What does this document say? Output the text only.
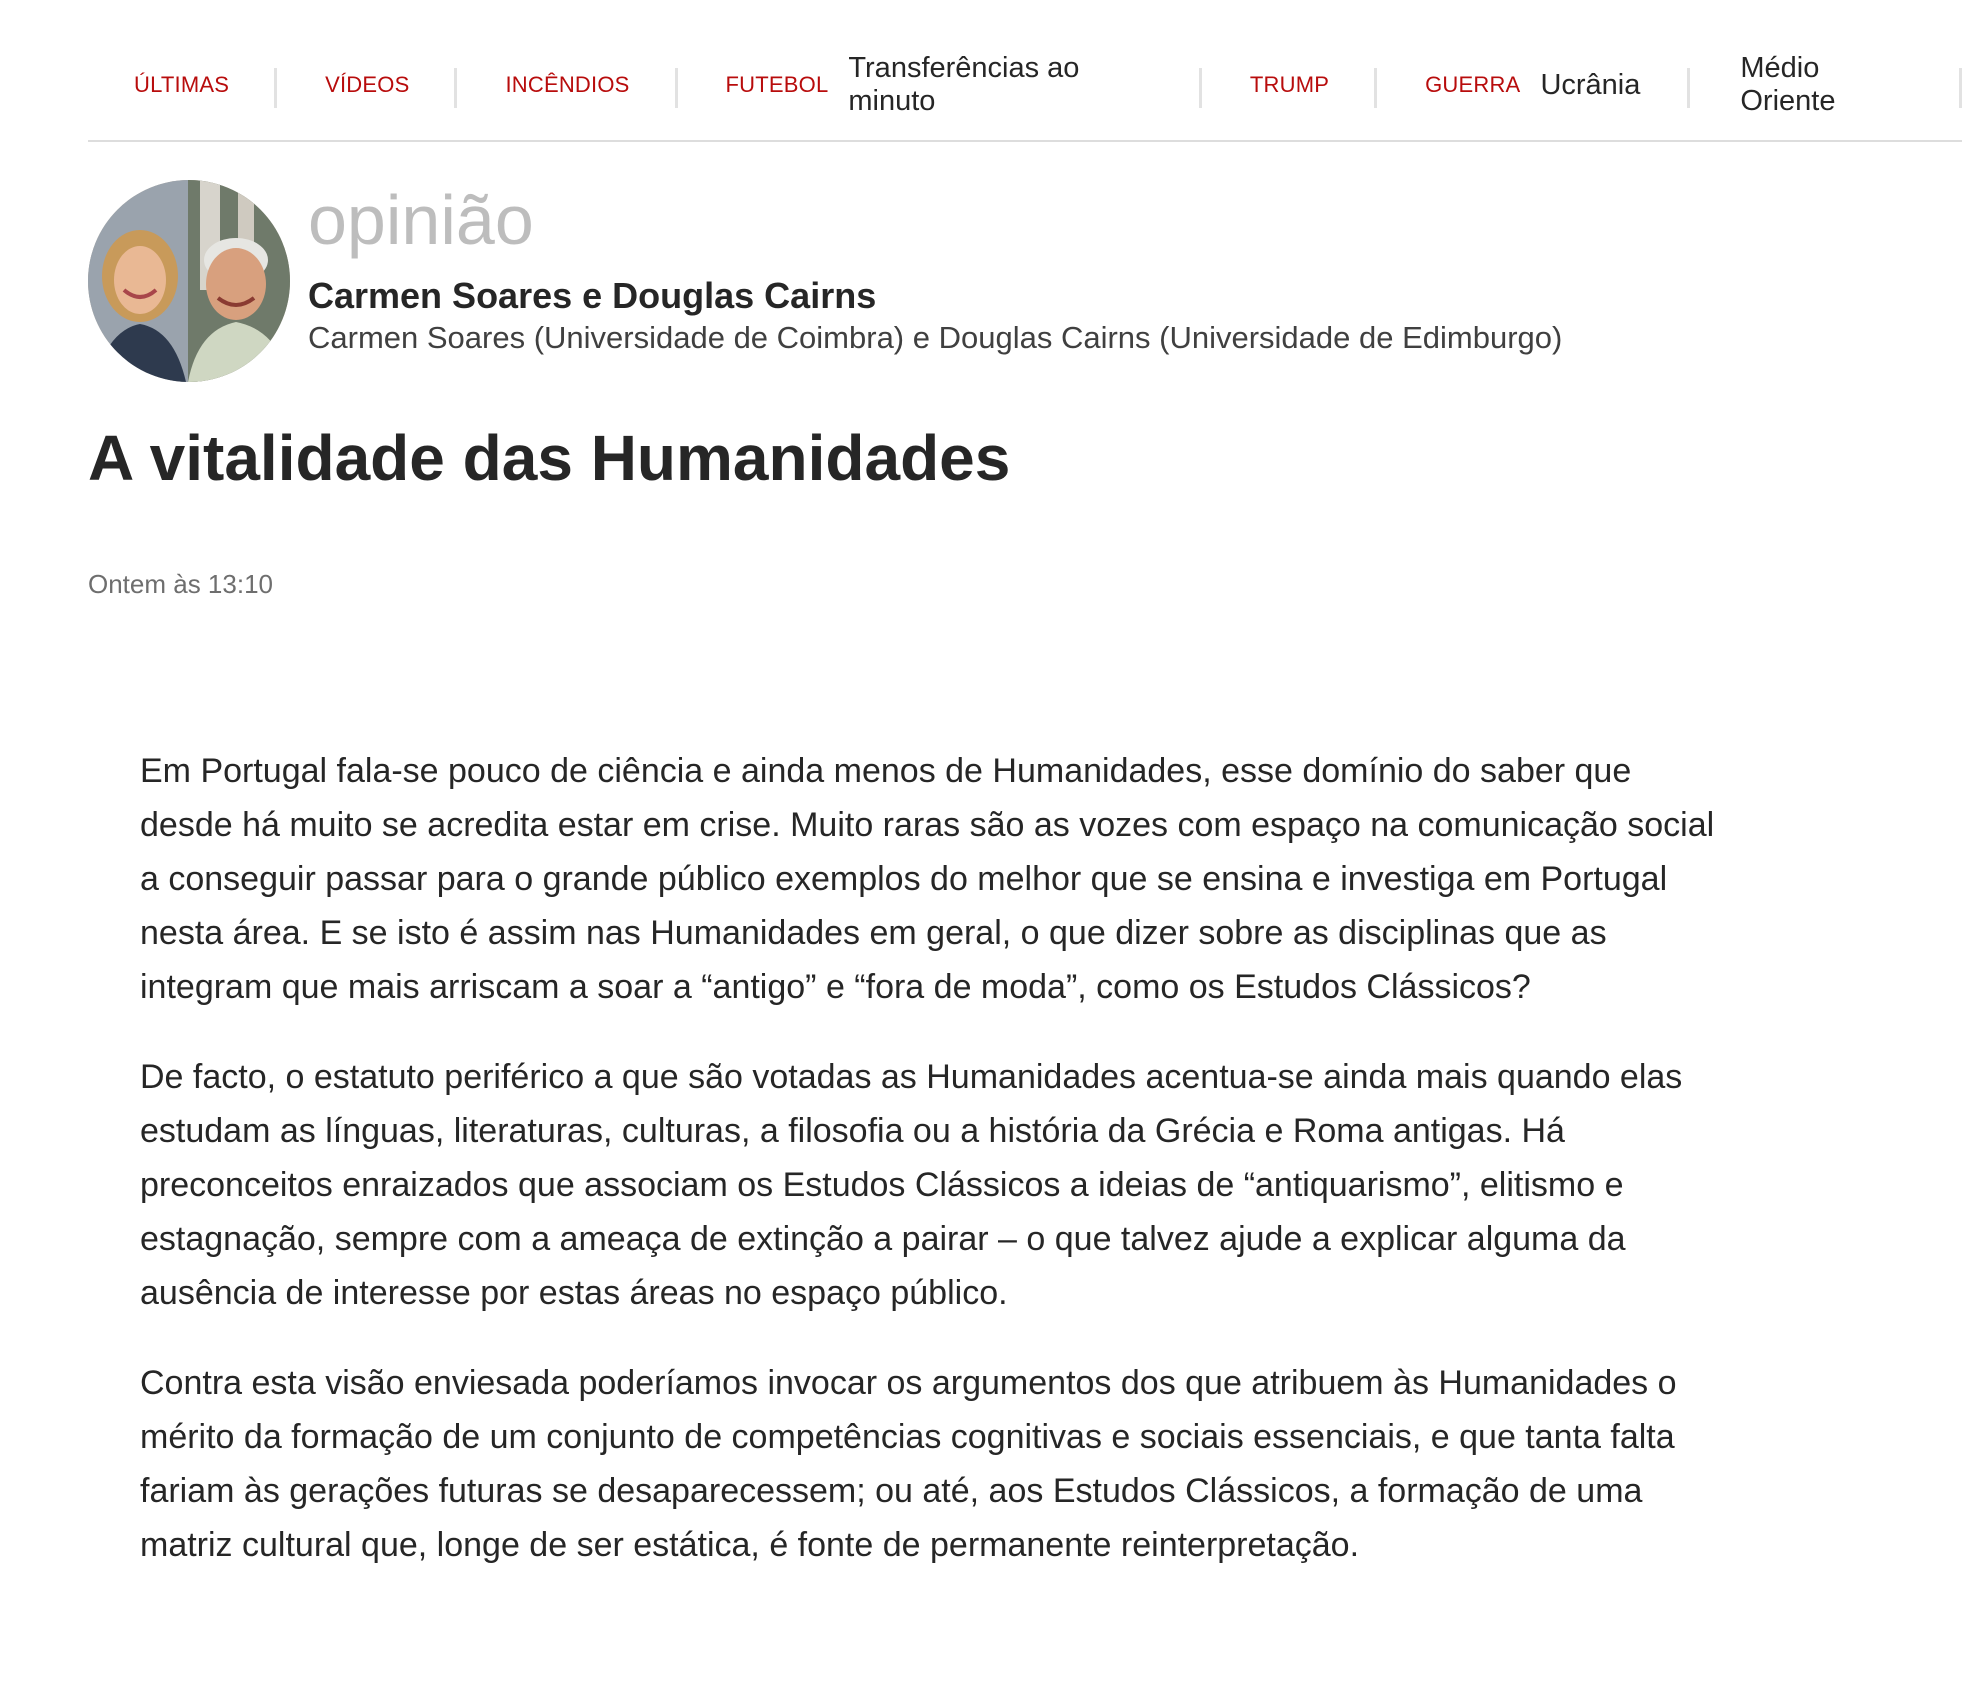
ÚLTIMAS	VÍDEOS	INCÊNDIOS	FUTEBOL
Transferências ao minuto
TRUMP	GUERRA Ucrânia
Médio Oriente
opinião
Carmen Soares e Douglas Cairns
Carmen Soares (Universidade de Coimbra) e Douglas Cairns (Universidade de Edimburgo)
A vitalidade das Humanidades
Ontem às 13:10

Em Portugal fala-se pouco de ciência e ainda menos de Humanidades, esse domínio do saber que desde há muito se acredita estar em crise. Muito raras são as vozes com espaço na comunicação social a conseguir passar para o grande público exemplos do melhor que se ensina e investiga em Portugal nesta área. E se isto é assim nas Humanidades em geral, o que dizer sobre as disciplinas que as integram que mais arriscam a soar a “antigo” e “fora de moda”, como os Estudos Clássicos?

De facto, o estatuto periférico a que são votadas as Humanidades acentua-se ainda mais quando elas estudam as línguas, literaturas, culturas, a filosofia ou a história da Grécia e Roma antigas. Há preconceitos enraizados que associam os Estudos Clássicos a ideias de “antiquarismo”, elitismo e estagnação, sempre com a ameaça de extinção a pairar – o que talvez ajude a explicar alguma da ausência de interesse por estas áreas no espaço público.

Contra esta visão enviesada poderíamos invocar os argumentos dos que atribuem às Humanidades o mérito da formação de um conjunto de competências cognitivas e sociais essenciais, e que tanta falta fariam às gerações futuras se desaparecessem; ou até, aos Estudos Clássicos, a formação de uma matriz cultural que, longe de ser estática, é fonte de permanente reinterpretação.
